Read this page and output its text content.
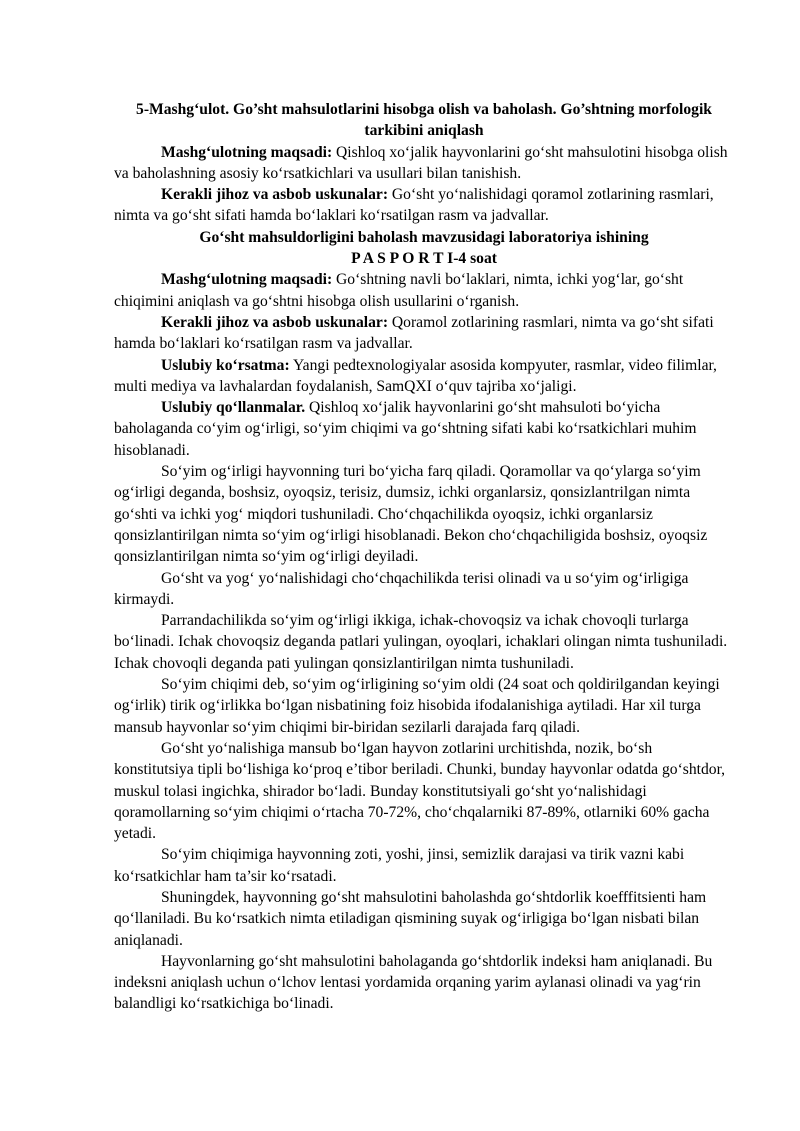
5-Mashg‘ulot. Go’sht mahsulotlarini hisobga olish va baholash. Go’shtning morfologik tarkibini aniqlash

Mashg‘ulotning maqsadi: Qishloq xo‘jalik hayvonlarini go‘sht mahsulotini hisobga olish va baholashning asosiy ko‘rsatkichlari va usullari bilan tanishish.

Kerakli jihoz va asbob uskunalar: Go‘sht yo‘nalishidagi qoramol zotlarining rasmlari, nimta va go‘sht sifati hamda bo‘laklari ko‘rsatilgan rasm va jadvallar.

Go‘sht mahsuldorligini baholash mavzusidagi laboratoriya ishining
P A S P O R T I-4 soat

Mashg‘ulotning maqsadi: Go‘shtning navli bo‘laklari, nimta, ichki yog‘lar, go‘sht chiqimini aniqlash va go‘shtni hisobga olish usullarini o‘rganish.

Kerakli jihoz va asbob uskunalar: Qoramol zotlarining rasmlari, nimta va go‘sht sifati hamda bo‘laklari ko‘rsatilgan rasm va jadvallar.

Uslubiy ko‘rsatma: Yangi pedtexnologiyalar asosida kompyuter, rasmlar, video filimlar, multi mediya va lavhalardan foydalanish, SamQXI o‘quv tajriba xo‘jaligi.

Uslubiy qo‘llanmalar. Qishloq xo‘jalik hayvonlarini go‘sht mahsuloti bo‘yicha baholaganda co‘yim og‘irligi, so‘yim chiqimi va go‘shtning sifati kabi ko‘rsatkichlari muhim hisoblanadi.

So‘yim og‘irligi hayvonning turi bo‘yicha farq qiladi. Qoramollar va qo‘ylarga so‘yim og‘irligi deganda, boshsiz, oyoqsiz, terisiz, dumsiz, ichki organlarsiz, qonsizlantrilgan nimta go‘shti va ichki yog‘ miqdori tushuniladi. Cho‘chqachilikda oyoqsiz, ichki organlarsiz qonsizlantirilgan nimta so‘yim og‘irligi hisoblanadi. Bekon cho‘chqachiligida boshsiz, oyoqsiz qonsizlantirilgan nimta so‘yim og‘irligi deyiladi.

Go‘sht va yog‘ yo‘nalishidagi cho‘chqachilikda terisi olinadi va u so‘yim og‘irligiga kirmaydi.

Parrandachilikda so‘yim og‘irligi ikkiga, ichak-chovoqsiz va ichak chovoqli turlarga bo‘linadi. Ichak chovoqsiz deganda patlari yulingan, oyoqlari, ichaklari olingan nimta tushuniladi. Ichak chovoqli deganda pati yulingan qonsizlantirilgan nimta tushuniladi.

So‘yim chiqimi deb, so‘yim og‘irligining so‘yim oldi (24 soat och qoldirilgandan keyingi og‘irlik) tirik og‘irlikka bo‘lgan nisbatining foiz hisobida ifodalanishiga aytiladi. Har xil turga mansub hayvonlar so‘yim chiqimi bir-biridan sezilarli darajada farq qiladi.

Go‘sht yo‘nalishiga mansub bo‘lgan hayvon zotlarini urchitishda, nozik, bo‘sh konstitutsiya tipli bo‘lishiga ko‘proq e’tibor beriladi. Chunki, bunday hayvonlar odatda go‘shtdor, muskul tolasi ingichka, shirador bo‘ladi. Bunday konstitutsiyali go‘sht yo‘nalishidagi qoramollarning so‘yim chiqimi o‘rtacha 70-72%, cho‘chqalarniki 87-89%, otlarniki 60% gacha yetadi.

So‘yim chiqimiga hayvonning zoti, yoshi, jinsi, semizlik darajasi va tirik vazni kabi ko‘rsatkichlar ham ta’sir ko‘rsatadi.

Shuningdek, hayvonning go‘sht mahsulotini baholashda go‘shtdorlik koefffitsienti ham qo‘llaniladi. Bu ko‘rsatkich nimta etiladigan qismining suyak og‘irligiga bo‘lgan nisbati bilan aniqlanadi.

Hayvonlarning go‘sht mahsulotini baholaganda go‘shtdorlik indeksi ham aniqlanadi. Bu indeksni aniqlash uchun o‘lchov lentasi yordamida orqaning yarim aylanasi olinadi va yag‘rin balandligi ko‘rsatkichiga bo‘linadi.
